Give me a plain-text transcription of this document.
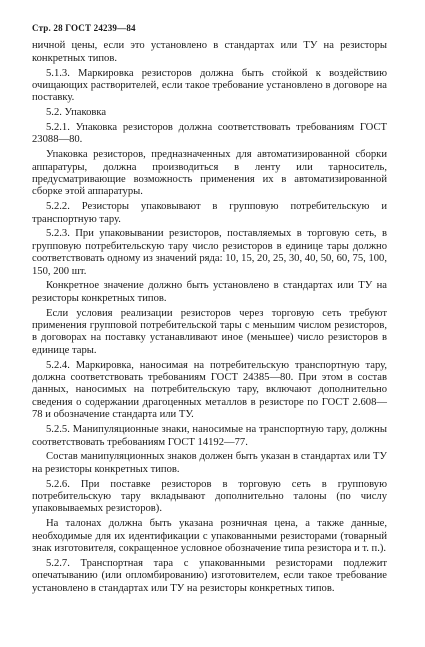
Стр. 28 ГОСТ 24239—84

ничной цены, если это установлено в стандартах или ТУ на резисторы конкретных типов.

5.1.3. Маркировка резисторов должна быть стойкой к воздействию очищающих растворителей, если такое требование установлено в договоре на поставку.

5.2. Упаковка

5.2.1. Упаковка резисторов должна соответствовать требованиям ГОСТ 23088—80.

Упаковка резисторов, предназначенных для автоматизированной сборки аппаратуры, должна производиться в ленту или тарноситель, предусматривающие возможность применения их в автоматизированной сборке этой аппаратуры.

5.2.2. Резисторы упаковывают в групповую потребительскую и транспортную тару.

5.2.3. При упаковывании резисторов, поставляемых в торговую сеть, в групповую потребительскую тару число резисторов в единице тары должно соответствовать одному из значений ряда: 10, 15, 20, 25, 30, 40, 50, 60, 75, 100, 150, 200 шт.

Конкретное значение должно быть установлено в стандартах или ТУ на резисторы конкретных типов.

Если условия реализации резисторов через торговую сеть требуют применения групповой потребительской тары с меньшим числом резисторов, в договорах на поставку устанавливают иное (меньшее) число резисторов в единице тары.

5.2.4. Маркировка, наносимая на потребительскую транспортную тару, должна соответствовать требованиям ГОСТ 24385—80. При этом в состав данных, наносимых на потребительскую тару, включают дополнительно сведения о содержании драгоценных металлов в резисторе по ГОСТ 2.608—78 и обозначение стандарта или ТУ.

5.2.5. Манипуляционные знаки, наносимые на транспортную тару, должны соответствовать требованиям ГОСТ 14192—77.

Состав манипуляционных знаков должен быть указан в стандартах или ТУ на резисторы конкретных типов.

5.2.6. При поставке резисторов в торговую сеть в групповую потребительскую тару вкладывают дополнительно талоны (по числу упаковываемых резисторов).

На талонах должна быть указана розничная цена, а также данные, необходимые для их идентификации с упакованными резисторами (товарный знак изготовителя, сокращенное условное обозначение типа резистора и т. п.).

5.2.7. Транспортная тара с упакованными резисторами подлежит опечатыванию (или опломбированию) изготовителем, если такое требование установлено в стандартах или ТУ на резисторы конкретных типов.
